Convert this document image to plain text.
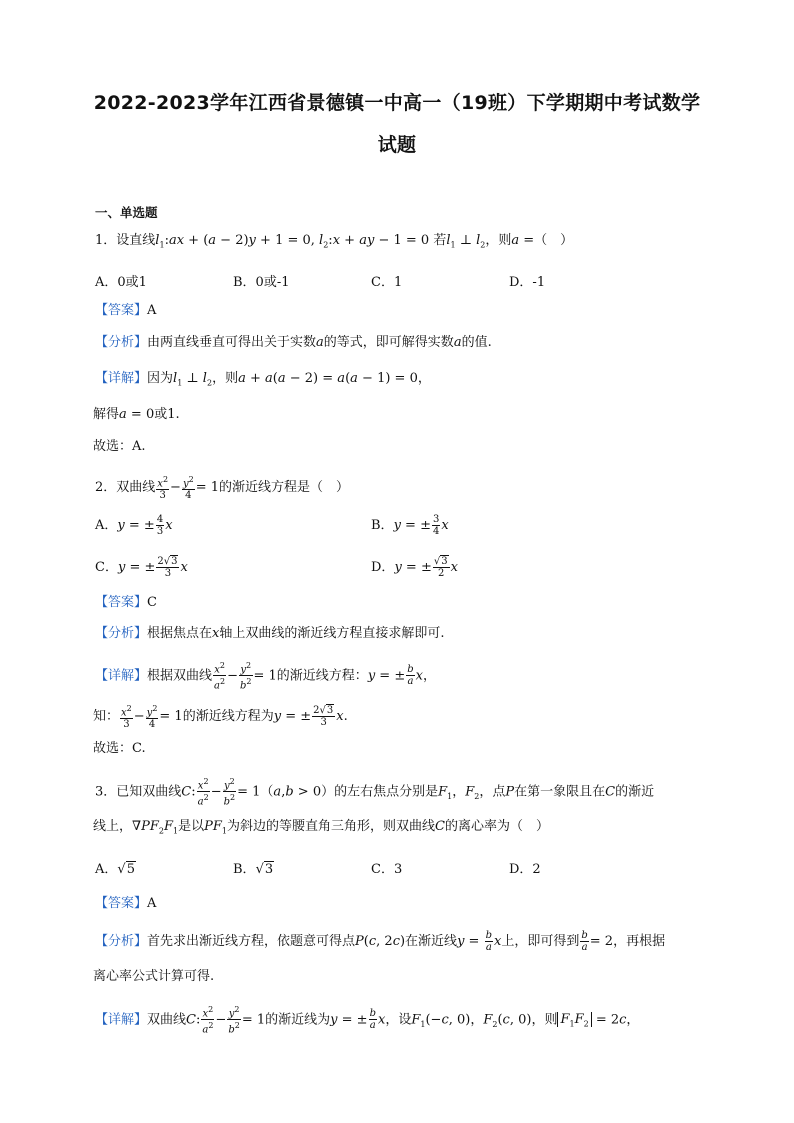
2022-2023学年江西省景德镇一中高一（19班）下学期期中考试数学
试题
一、单选题
1．设直线$l_1:ax + (a - 2)y + 1 = 0$, $l_2:x$ + ay − 1 = 0 若$l_1$ ⊥ $l_2$，则a =（　）
A．0或1	B．0或-1	C．1	D．-1
【答案】A
【分析】由两直线垂直可得出关于实数a的等式，即可解得实数a的值.
【详解】因为$l_1$ ⊥ $l_2$，则a + a(a − 2) = a(a − 1) = 0，
解得a = 0或1.
故选：A.
2．双曲线 $\frac{x^2}{3} - \frac{y^2}{4} = 1$的渐近线方程是（　）
A．y = ± $\frac{4}{3}$ x	B．y = ± $\frac{3}{4}$ x
C．y = ± $\frac{2√3}{3}$ x	D．y = ± $\frac{√3}{2}$ x
【答案】C
【分析】根据焦点在x轴上双曲线的渐近线方程直接求解即可.
【详解】根据双曲线 $\frac{x^2}{a^2} - \frac{y^2}{b^2} = 1$的渐近线方程：y = ± $\frac{b}{a}$ x，
知： $\frac{x^2}{3} - \frac{y^2}{4} = 1$的渐近线方程为y = ± $\frac{2√3}{3} x$.
故选：C.
3．已知双曲线C: $\frac{x^2}{a^2} - \frac{y^2}{b^2} = 1(a,b > 0)$的左右焦点分别是$F_1$，$F_2$，点P在第一象限且在C的渐近
线上，$\nabla PF_2F_1$是以$PF_1$为斜边的等腰直角三角形，则双曲线C的离心率为（　）
A．√5	B．√3	C．3	D．2
【答案】A
【分析】首先求出渐近线方程，依题意可得点P(c, 2c)在渐近线$y = \frac{b}{a}$ x上，即可得到 $\frac{b}{a} = 2$，再根据
离心率公式计算可得.
【详解】双曲线C: $\frac{x^2}{a^2} - \frac{y^2}{b^2} = 1$的渐近线为y = ± $\frac{b}{a}$ x，设$F_1(-c$, 0)，$F_2(c$, 0)，则 $F_1F_2 = 2c$，
